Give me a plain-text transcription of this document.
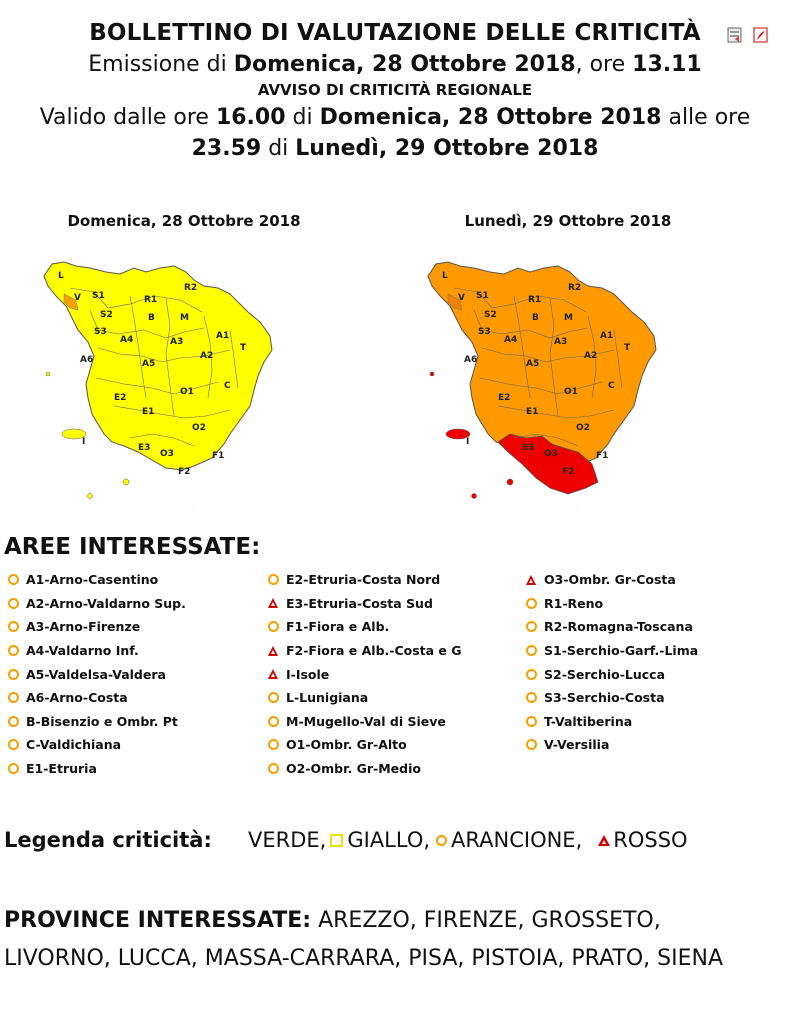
BOLLETTINO DI VALUTAZIONE DELLE CRITICITÀ
Emissione di Domenica, 28 Ottobre 2018, ore 13.11
AVVISO DI CRITICITÀ REGIONALE
Valido dalle ore 16.00 di Domenica, 28 Ottobre 2018 alle ore
23.59 di Lunedì, 29 Ottobre 2018
Domenica, 28 Ottobre 2018
L
V S1
S2
S3
R1
R2
B	M
A4	A3
A1
A6	A5
A2
T
C
O1
E2
E1
O2
E3
O3	F1
F2
I
Lunedì, 29 Ottobre 2018
L
V S1
S2
S3
R1
R2
B	M
A4	A3
A1
A6	A5
A2
T
C
O1
E2
E1
O2
E3
O3	F1
F2
I
AREE INTERESSATE:
A1-Arno-Casentino
A2-Arno-Valdarno Sup.
A3-Arno-Firenze
A4-Valdarno Inf.
A5-Valdelsa-Valdera
A6-Arno-Costa
B-Bisenzio e Ombr. Pt
C-Valdichiana
E1-Etruria
E2-Etruria-Costa Nord
E3-Etruria-Costa Sud
F1-Fiora e Alb.
F2-Fiora e Alb.-Costa e G
I-Isole
L-Lunigiana
M-Mugello-Val di Sieve
O1-Ombr. Gr-Alto
O2-Ombr. Gr-Medio
O3-Ombr. Gr-Costa
R1-Reno
R2-Romagna-Toscana
S1-Serchio-Garf.-Lima
S2-Serchio-Lucca
S3-Serchio-Costa
T-Valtiberina
V-Versilia
Legenda criticità:	VERDE, GIALLO, ARANCIONE, ROSSO
PROVINCE INTERESSATE: AREZZO, FIRENZE, GROSSETO, LIVORNO, LUCCA, MASSA-CARRARA, PISA, PISTOIA, PRATO, SIENA
